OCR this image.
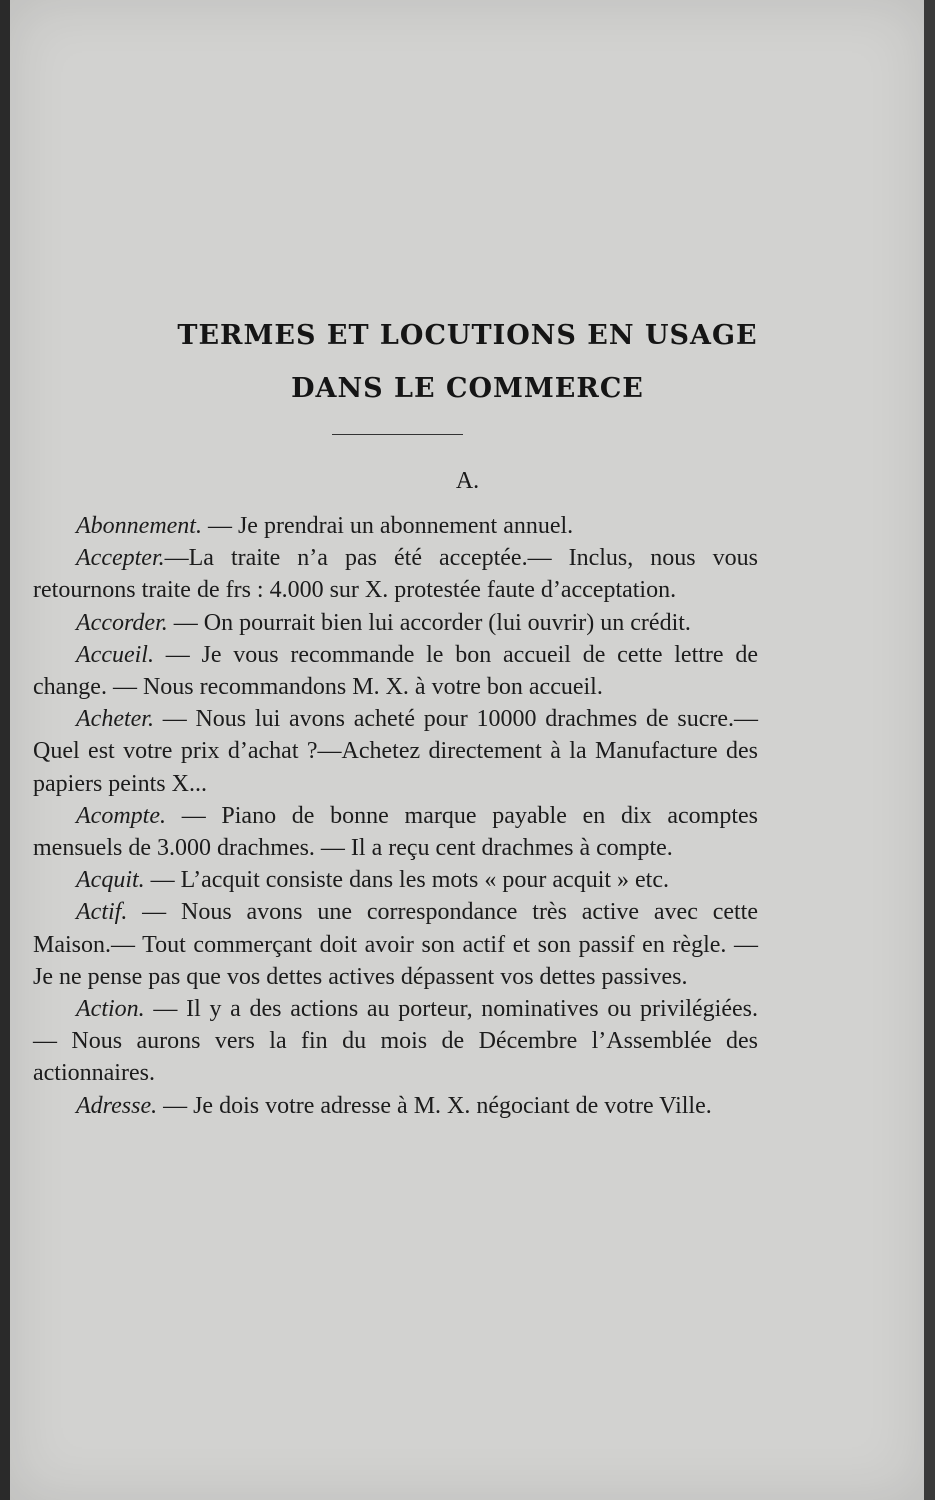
TERMES ET LOCUTIONS EN USAGE
DANS LE COMMERCE
A.

Abonnement. — Je prendrai un abonnement annuel.

Accepter.—La traite n’a pas été acceptée.— Inclus, nous vous retournons traite de frs : 4.000 sur X. protestée faute d’acceptation.

Accorder. — On pourrait bien lui accorder (lui ouvrir) un crédit.

Accueil. — Je vous recommande le bon accueil de cette lettre de change. — Nous recommandons M. X. à votre bon accueil.

Acheter. — Nous lui avons acheté pour 10000 drachmes de sucre.— Quel est votre prix d’achat ?—Achetez directement à la Manufacture des papiers peints X...

Acompte. — Piano de bonne marque payable en dix acomptes mensuels de 3.000 drachmes. — Il a reçu cent drachmes à compte.

Acquit. — L’acquit consiste dans les mots « pour acquit » etc.

Actif. — Nous avons une correspondance très active avec cette Maison.— Tout commerçant doit avoir son actif et son passif en règle. — Je ne pense pas que vos dettes actives dépassent vos dettes passives.

Action. — Il y a des actions au porteur, nominatives ou privilégiées. — Nous aurons vers la fin du mois de Décembre l’Assemblée des actionnaires.

Adresse. — Je dois votre adresse à M. X. négociant de votre Ville.
